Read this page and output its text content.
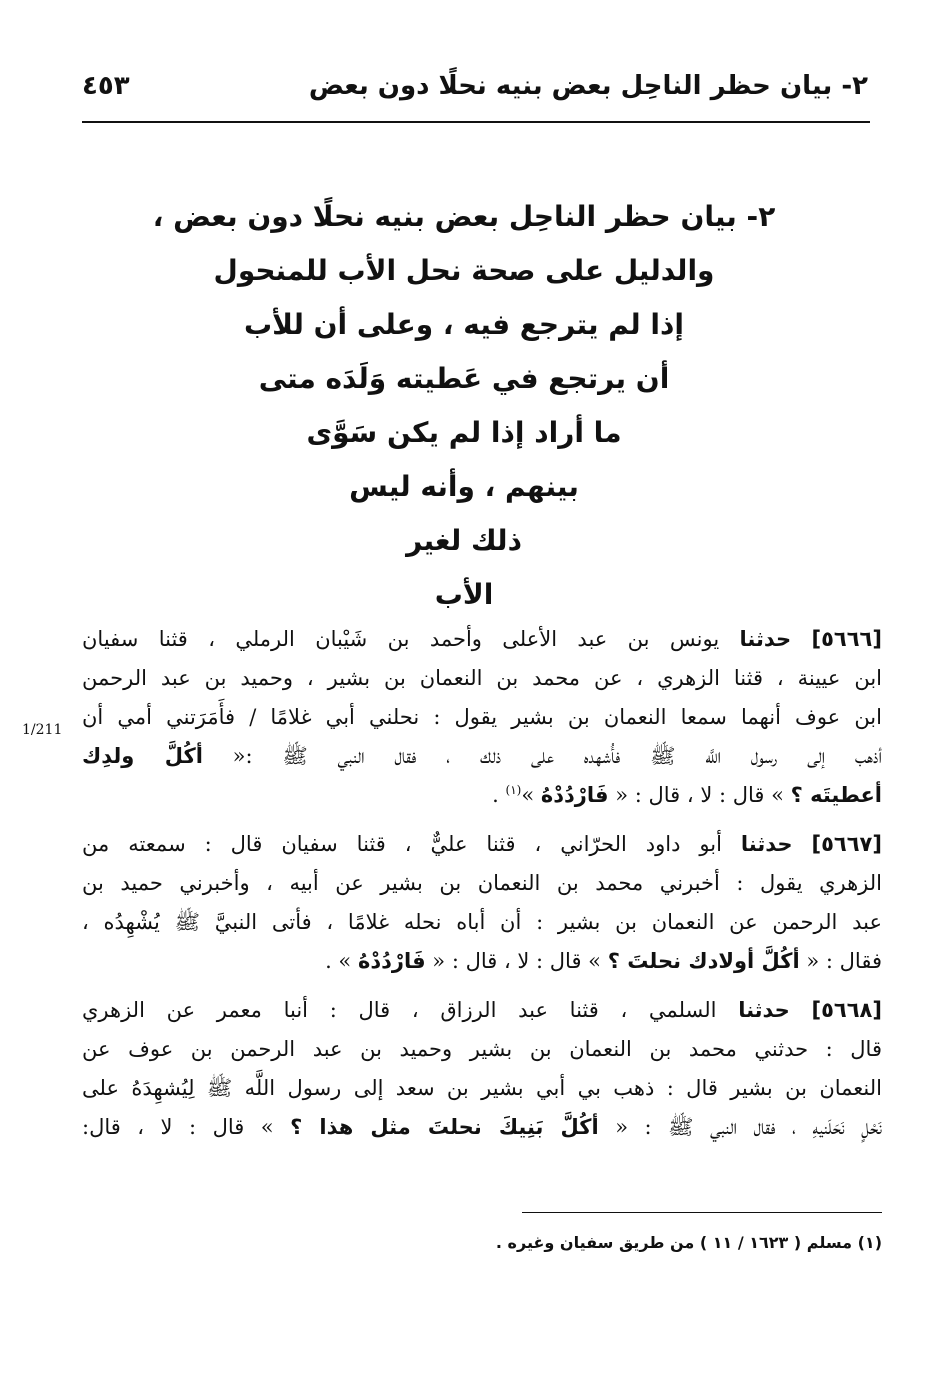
٢- بيان حظر الناحِل بعض بنيه نحلًا دون بعض
٤٥٣
٢- بيان حظر الناحِل بعض بنيه نحلًا دون بعض ،
والدليل على صحة نحل الأب للمنحول
إذا لم يترجع فيه ، وعلى أن للأب
أن يرتجع في عَطيته وَلَدَه متى
ما أراد إذا لم يكن سَوَّى
بينهم ، وأنه ليس
ذلك لغير
الأب
1/211
[٥٦٦٦] حدثنا يونس بن عبد الأعلى وأحمد بن شَيْبان الرملي ، قثنا سفيان
ابن عيينة ، قثنا الزهري ، عن محمد بن النعمان بن بشير ، وحميد بن عبد الرحمن
ابن عوف أنهما سمعا النعمان بن بشير يقول : نحلني أبي غلامًا / فأَمَرَتني أمي أن
أذهب إلى رسول اللَّه ﷺ فأُشهده على ذلك ، فقال النبي ﷺ :« أكُلَّ ولدِك
أعطيتَه ؟ » قال : لا ، قال : « فَارْدُدْهُ »$^{(١)}$ .
[٥٦٦٧] حدثنا أبو داود الحرّاني ، قثنا عليٌّ ، قثنا سفيان قال : سمعته من
الزهري يقول : أخبرني محمد بن النعمان بن بشير عن أبيه ، وأخبرني حميد بن
عبد الرحمن عن النعمان بن بشير : أن أباه نحله غلامًا ، فأتى النبيَّ ﷺ يُشْهِدُه ،
فقال : « أكُلَّ أولادك نحلتَ ؟ » قال : لا ، قال : « فَارْدُدْهُ » .
[٥٦٦٨] حدثنا السلمي ، قثنا عبد الرزاق ، قال : أنبا معمر عن الزهري
قال : حدثني محمد بن النعمان بن بشير وحميد بن عبد الرحمن بن عوف عن
النعمان بن بشير قال : ذهب بي أبي بشير بن سعد إلى رسول اللَّه ﷺ لِيُشهِدَهُ على
نَحْلٍ نَحَلَنيهِ ، فقال النبي ﷺ : « أكُلَّ بَنِيكَ نحلتَ مثل هذا ؟ » قال : لا ، قال:
(١) مسلم ( ١٦٢٣ / ١١ ) من طريق سفيان وغيره .
